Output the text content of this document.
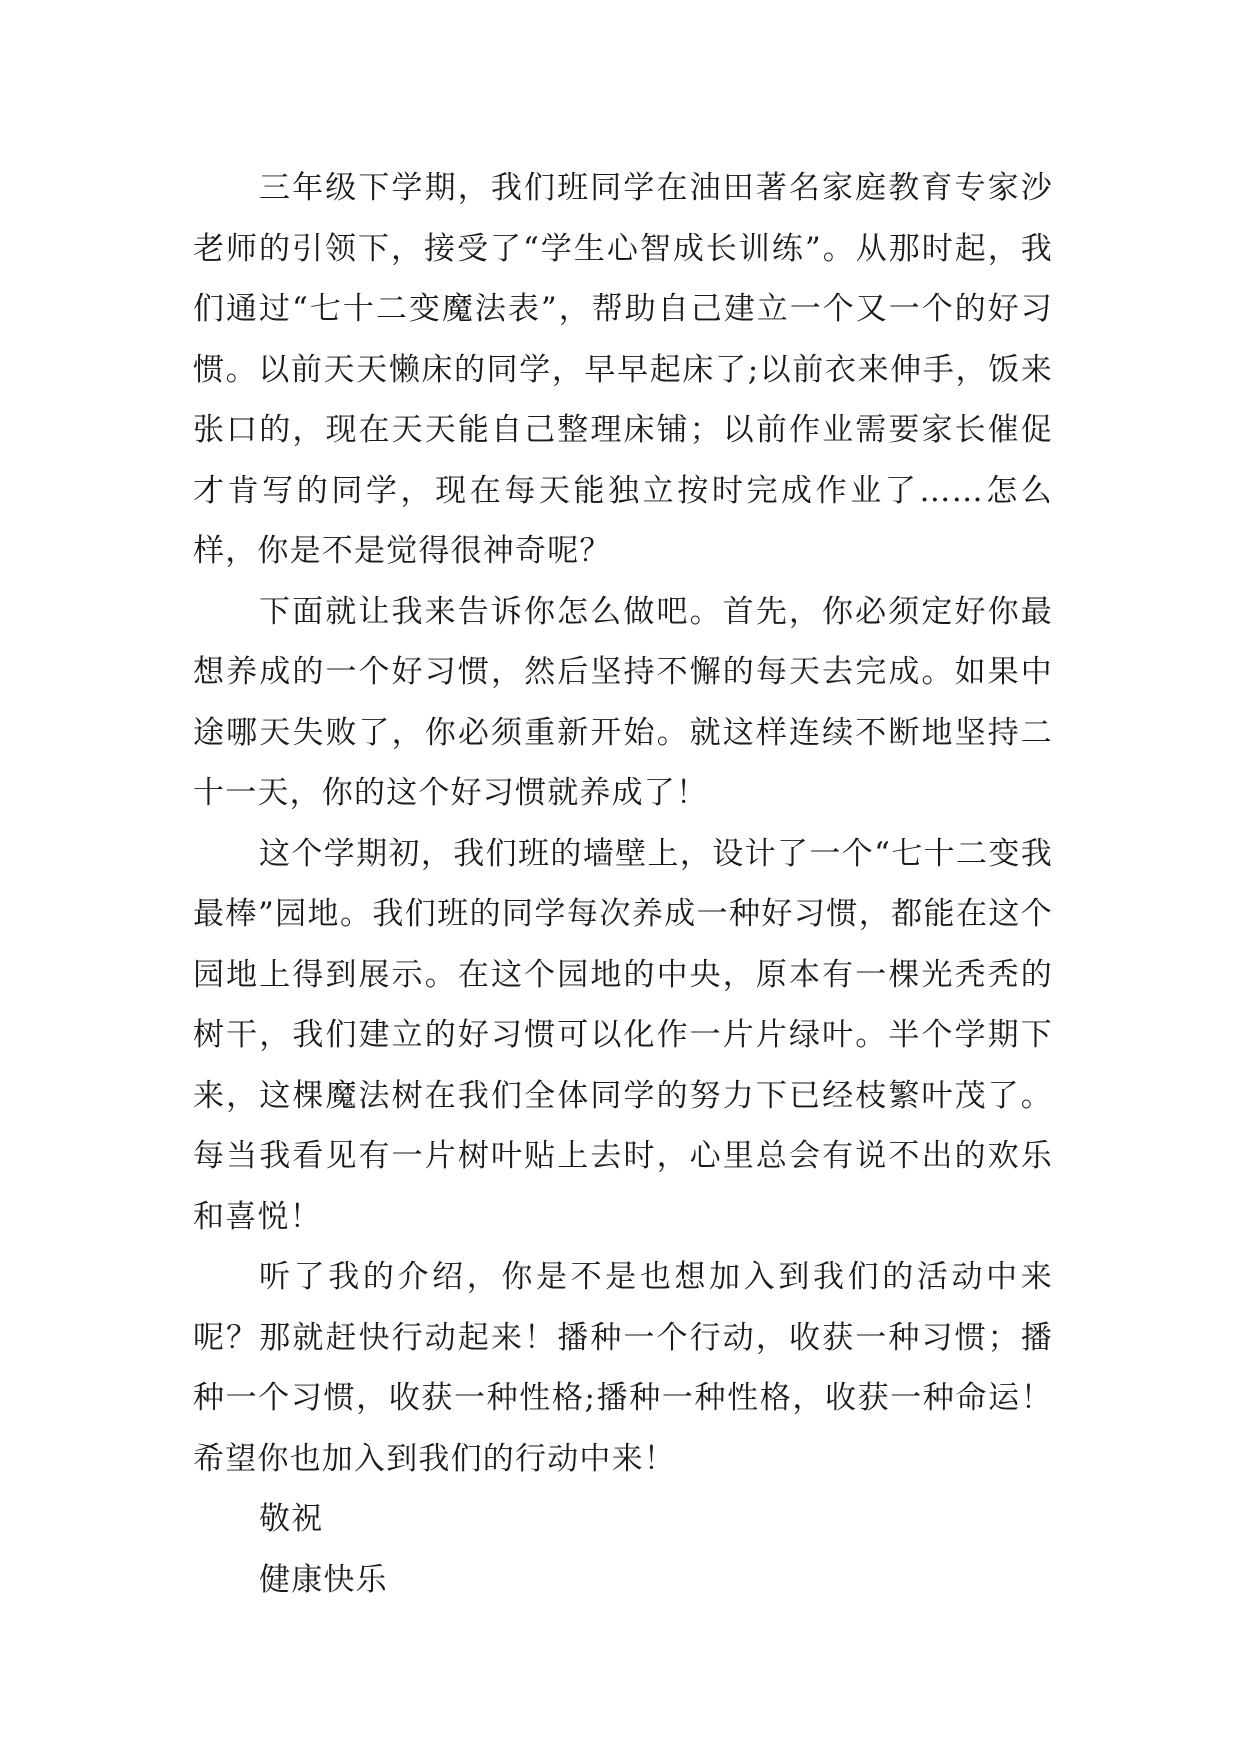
三年级下学期，我们班同学在油田著名家庭教育专家沙老师的引领下，接受了“学生心智成长训练”。从那时起，我们通过“七十二变魔法表”，帮助自己建立一个又一个的好习惯。以前天天懒床的同学，早早起床了;以前衣来伸手，饭来张口的，现在天天能自己整理床铺；以前作业需要家长催促才肯写的同学，现在每天能独立按时完成作业了……怎么样，你是不是觉得很神奇呢？

下面就让我来告诉你怎么做吧。首先，你必须定好你最想养成的一个好习惯，然后坚持不懈的每天去完成。如果中途哪天失败了，你必须重新开始。就这样连续不断地坚持二十一天，你的这个好习惯就养成了！

这个学期初，我们班的墙壁上，设计了一个“七十二变我最棒”园地。我们班的同学每次养成一种好习惯，都能在这个园地上得到展示。在这个园地的中央，原本有一棵光秃秃的树干，我们建立的好习惯可以化作一片片绿叶。半个学期下来，这棵魔法树在我们全体同学的努力下已经枝繁叶茂了。每当我看见有一片树叶贴上去时，心里总会有说不出的欢乐和喜悦！

听了我的介绍，你是不是也想加入到我们的活动中来呢？那就赶快行动起来！播种一个行动，收获一种习惯；播种一个习惯，收获一种性格;播种一种性格，收获一种命运！希望你也加入到我们的行动中来！

敬祝

健康快乐
